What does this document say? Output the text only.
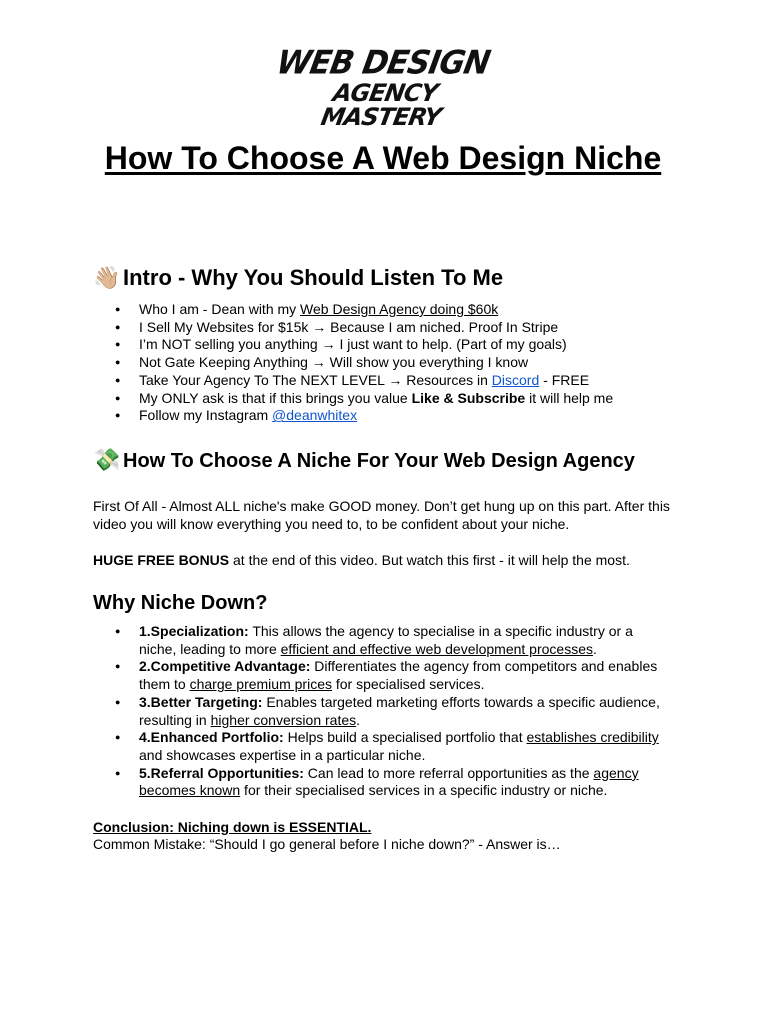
WEB DESIGN
AGENCY MASTERY
How To Choose A Web Design Niche
👋🏼 Intro - Why You Should Listen To Me
● Who I am - Dean with my Web Design Agency doing $60k
● I Sell My Websites for $15k → Because I am niched. Proof In Stripe
● I’m NOT selling you anything → I just want to help. (Part of my goals)
● Not Gate Keeping Anything → Will show you everything I know
● Take Your Agency To The NEXT LEVEL → Resources in Discord - FREE
● My ONLY ask is that if this brings you value Like & Subscribe it will help me
● Follow my Instagram @deanwhitex
💸 How To Choose A Niche For Your Web Design Agency

First Of All - Almost ALL niche's make GOOD money. Don’t get hung up on this part. After this video you will know everything you need to, to be confident about your niche.

HUGE FREE BONUS at the end of this video. But watch this first - it will help the most.

Why Niche Down?
● 1.Specialization: This allows the agency to specialise in a specific industry or a niche, leading to more efficient and effective web development processes.
● 2.Competitive Advantage: Differentiates the agency from competitors and enables them to charge premium prices for specialised services.
● 3.Better Targeting: Enables targeted marketing efforts towards a specific audience, resulting in higher conversion rates.
● 4.Enhanced Portfolio: Helps build a specialised portfolio that establishes credibility and showcases expertise in a particular niche.
● 5.Referral Opportunities: Can lead to more referral opportunities as the agency becomes known for their specialised services in a specific industry or niche.

Conclusion: Niching down is ESSENTIAL.

Common Mistake: “Should I go general before I niche down?” - Answer is…
